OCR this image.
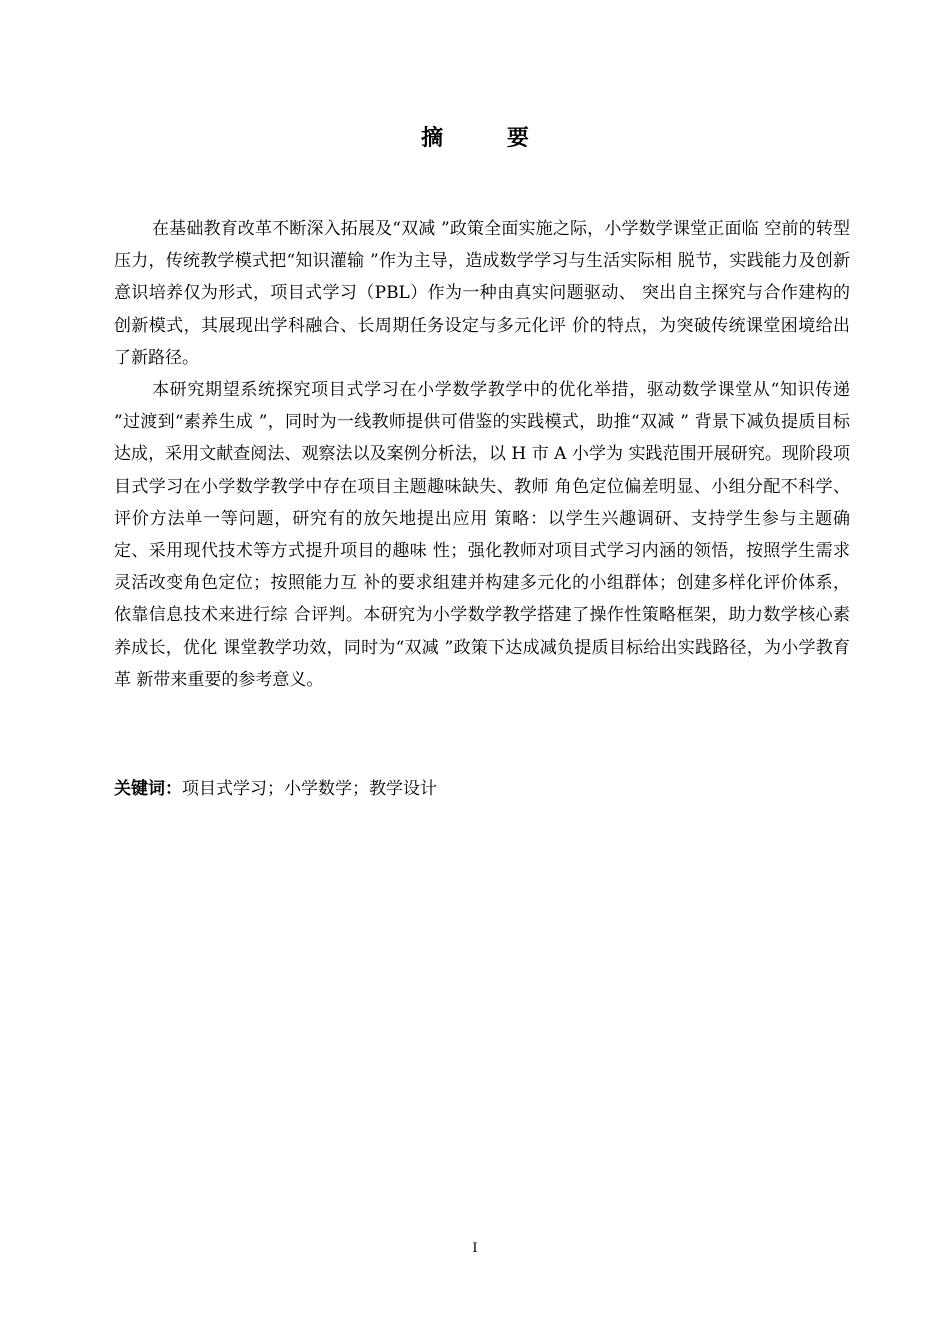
摘 要

在基础教育改革不断深入拓展及“双减 ”政策全面实施之际，小学数学课堂正面临 空前的转型压力，传统教学模式把“知识灌输 ”作为主导，造成数学学习与生活实际相 脱节，实践能力及创新意识培养仅为形式，项目式学习（PBL）作为一种由真实问题驱动、 突出自主探究与合作建构的创新模式，其展现出学科融合、长周期任务设定与多元化评 价的特点，为突破传统课堂困境给出了新路径。

本研究期望系统探究项目式学习在小学数学教学中的优化举措，驱动数学课堂从“知识传递 ”过渡到“素养生成 ”，同时为一线教师提供可借鉴的实践模式，助推“双减 ” 背景下减负提质目标达成，采用文献查阅法、观察法以及案例分析法，以 H 市 A 小学为 实践范围开展研究。现阶段项目式学习在小学数学教学中存在项目主题趣味缺失、教师 角色定位偏差明显、小组分配不科学、评价方法单一等问题，研究有的放矢地提出应用 策略：以学生兴趣调研、支持学生参与主题确定、采用现代技术等方式提升项目的趣味 性；强化教师对项目式学习内涵的领悟，按照学生需求灵活改变角色定位；按照能力互 补的要求组建并构建多元化的小组群体；创建多样化评价体系，依靠信息技术来进行综 合评判。本研究为小学数学教学搭建了操作性策略框架，助力数学核心素养成长，优化 课堂教学功效，同时为“双减 ”政策下达成减负提质目标给出实践路径，为小学教育革 新带来重要的参考意义。

关键词：项目式学习；小学数学；教学设计
I
